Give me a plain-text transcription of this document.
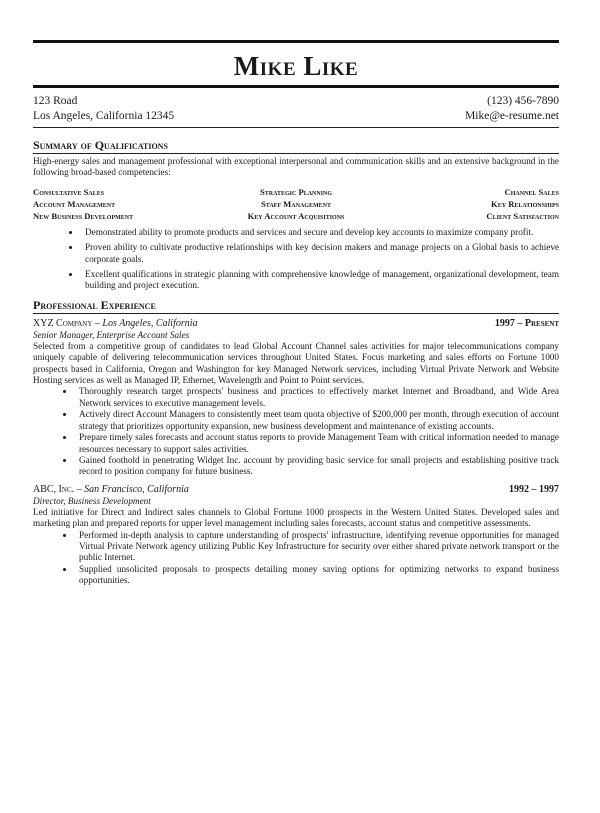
Mike Like
123 Road
Los Angeles, California 12345
(123) 456-7890
Mike@e-resume.net
Summary of Qualifications
High-energy sales and management professional with exceptional interpersonal and communication skills and an extensive background in the following broad-based competencies:
Consultative Sales	Strategic Planning	Channel Sales
Account Management	Staff Management	Key Relationships
New Business Development	Key Account Acquisitions	Client Satisfaction
• Demonstrated ability to promote products and services and secure and develop key accounts to maximize company profit.
• Proven ability to cultivate productive relationships with key decision makers and manage projects on a Global basis to achieve corporate goals.
• Excellent qualifications in strategic planning with comprehensive knowledge of management, organizational development, team building and project execution.
Professional Experience
XYZ Company – Los Angeles, California	1997 – Present
Senior Manager, Enterprise Account Sales
Selected from a competitive group of candidates to lead Global Account Channel sales activities for major telecommunications company uniquely capable of delivering telecommunication services throughout United States. Focus marketing and sales efforts on Fortune 1000 prospects based in California, Oregon and Washington for key Managed Network services, including Virtual Private Network and Website Hosting services as well as Managed IP, Ethernet, Wavelength and Point to Point services.
• Thoroughly research target prospects' business and practices to effectively market Internet and Broadband, and Wide Area Network services to executive management levels.
• Actively direct Account Managers to consistently meet team quota objective of $200,000 per month, through execution of account strategy that prioritizes opportunity expansion, new business development and maintenance of existing accounts.
• Prepare timely sales forecasts and account status reports to provide Management Team with critical information needed to manage resources necessary to support sales activities.
• Gained foothold in penetrating Widget Inc. account by providing basic service for small projects and establishing positive track record to position company for future business.
ABC, Inc. – San Francisco, California	1992 – 1997
Director, Business Development
Led initiative for Direct and Indirect sales channels to Global Fortune 1000 prospects in the Western United States. Developed sales and marketing plan and prepared reports for upper level management including sales forecasts, account status and competitive assessments.
• Performed in-depth analysis to capture understanding of prospects' infrastructure, identifying revenue opportunities for managed Virtual Private Network agency utilizing Public Key Infrastructure for security over either shared private network transport or the public Internet.
• Supplied unsolicited proposals to prospects detailing money saving options for optimizing networks to expand business opportunities.
